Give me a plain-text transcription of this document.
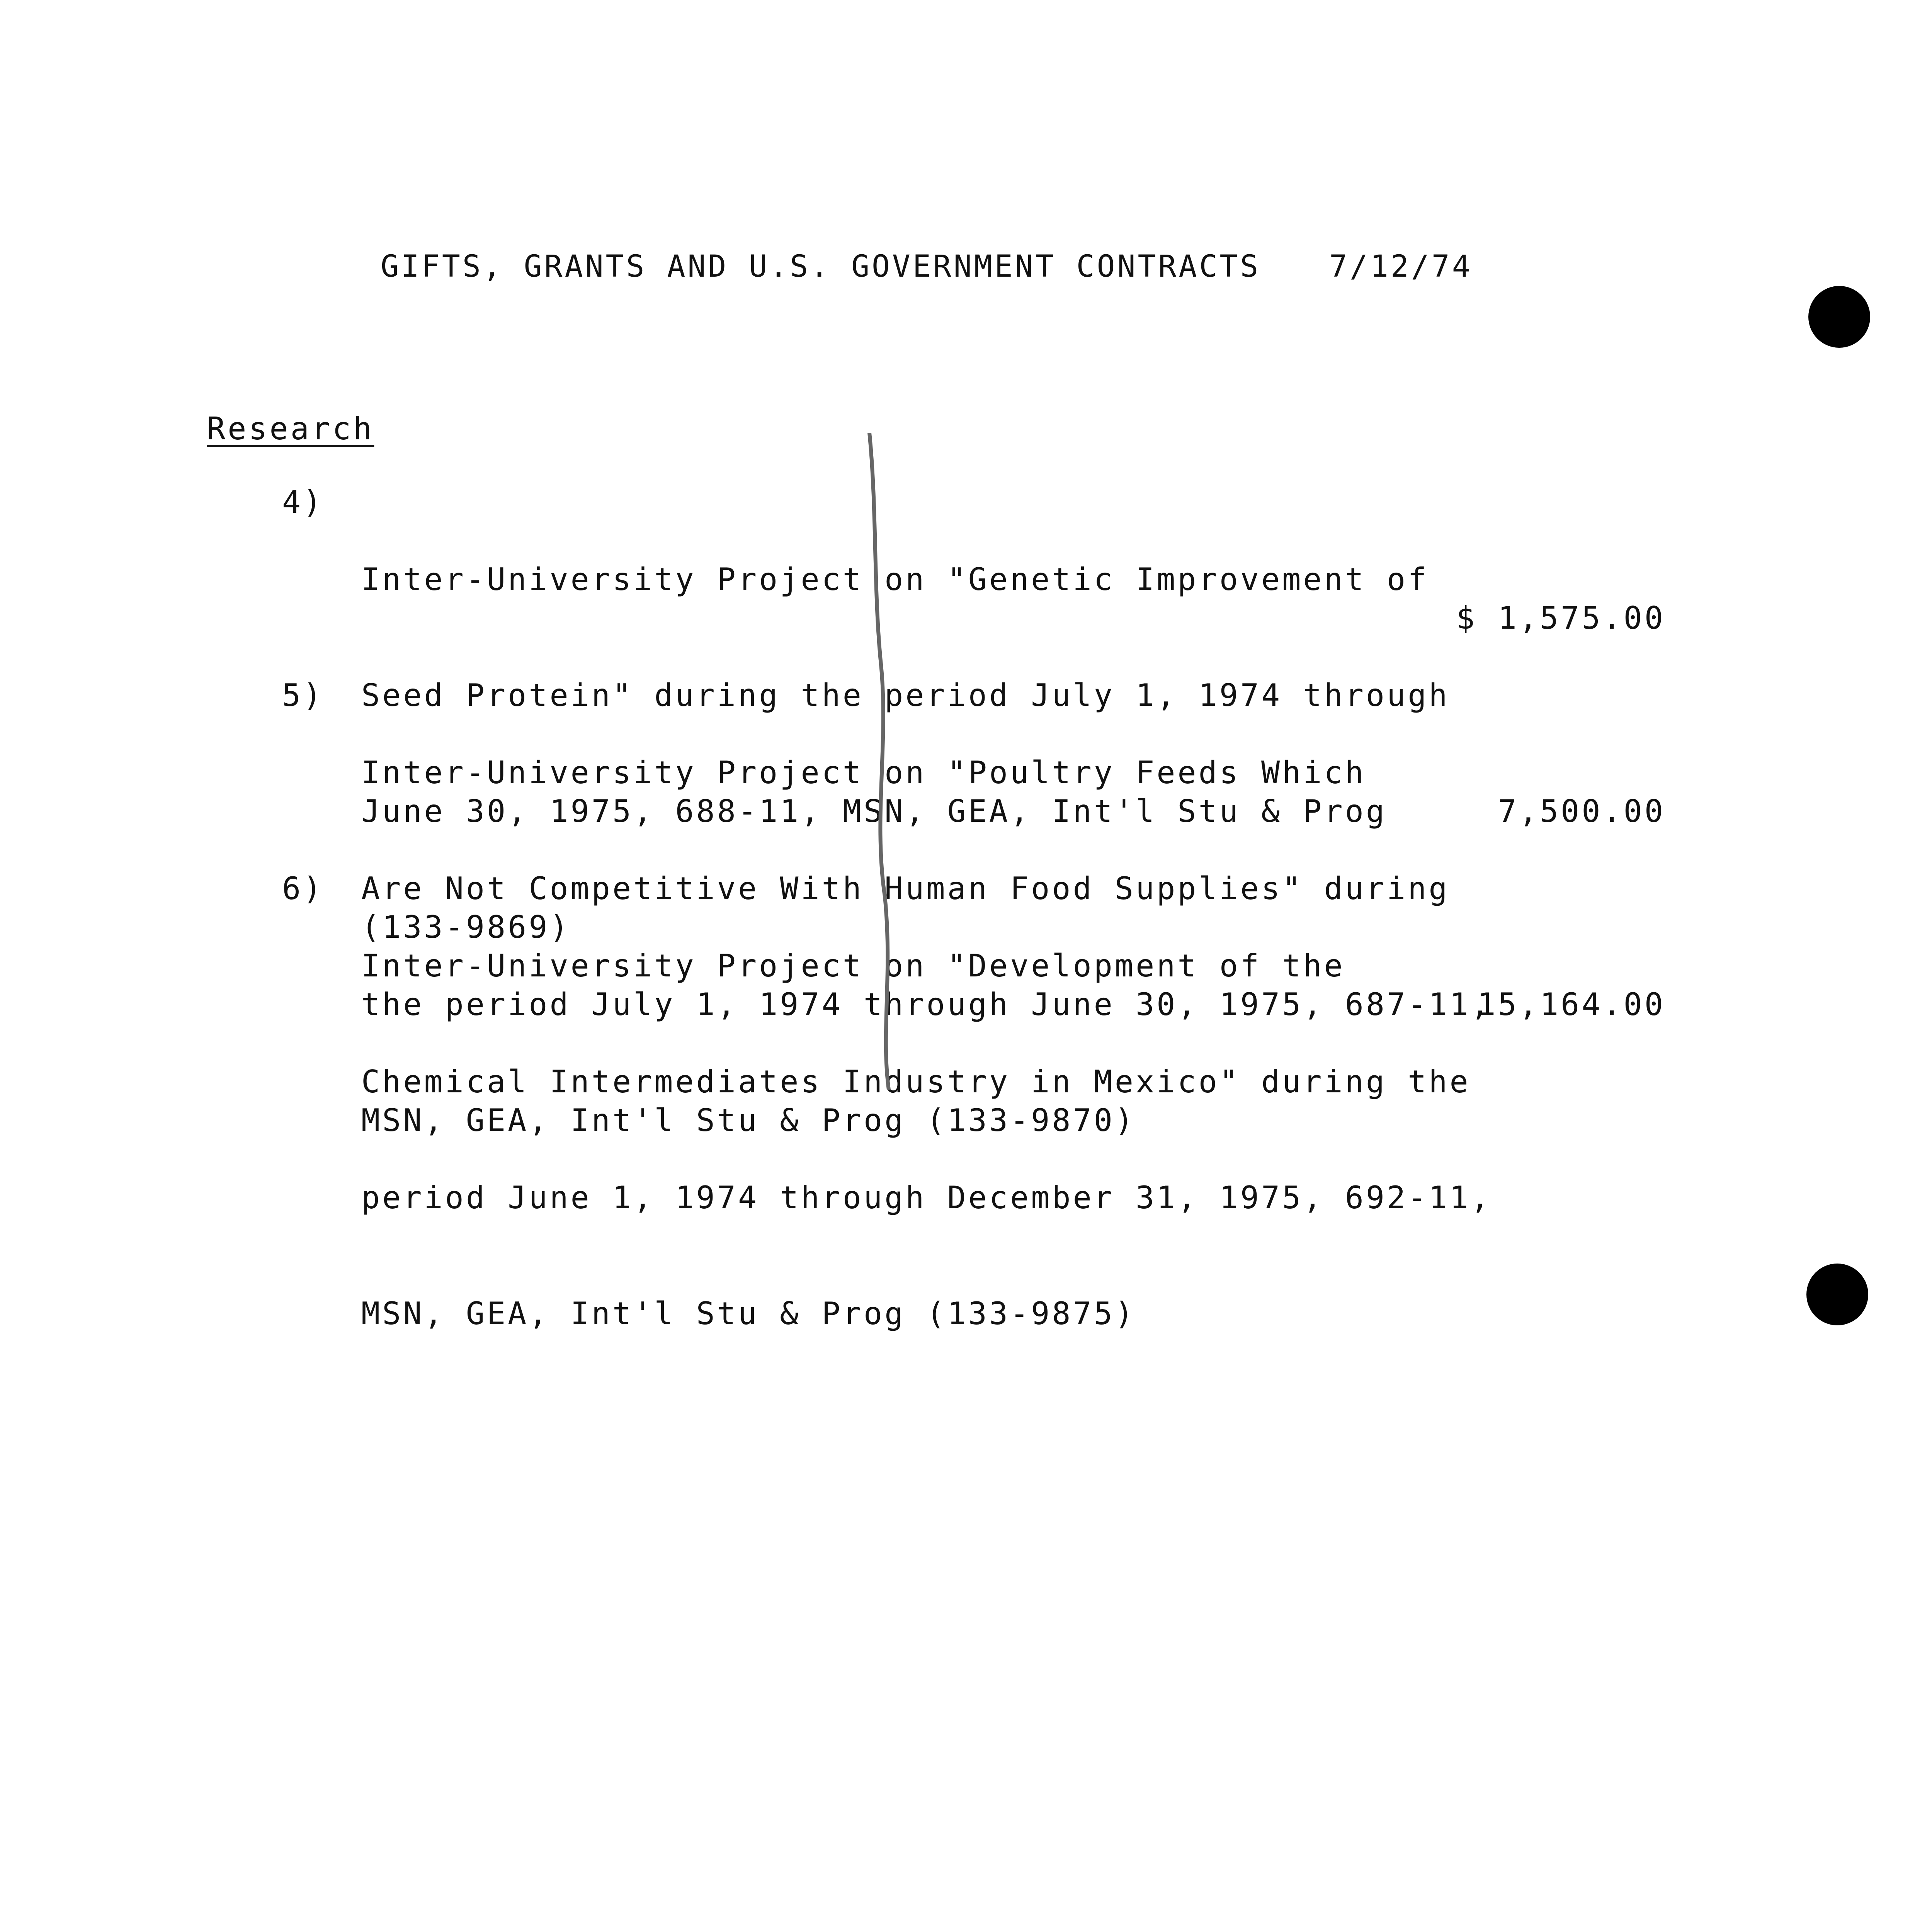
GIFTS, GRANTS AND U.S. GOVERNMENT CONTRACTS 7/12/74
Research
4)

Inter-University Project on "Genetic Improvement of

Seed Protein" during the period July 1, 1974 through

June 30, 1975, 688-11, MSN, GEA, Int'l Stu & Prog

(133-9869)

$ 1,575.00
5)

Inter-University Project on "Poultry Feeds Which

Are Not Competitive With Human Food Supplies" during

the period July 1, 1974 through June 30, 1975, 687-11,

MSN, GEA, Int'l Stu & Prog (133-9870)

7,500.00
6)

Inter-University Project on "Development of the

Chemical Intermediates Industry in Mexico" during the

period June 1, 1974 through December 31, 1975, 692-11,

MSN, GEA, Int'l Stu & Prog (133-9875)

15,164.00
